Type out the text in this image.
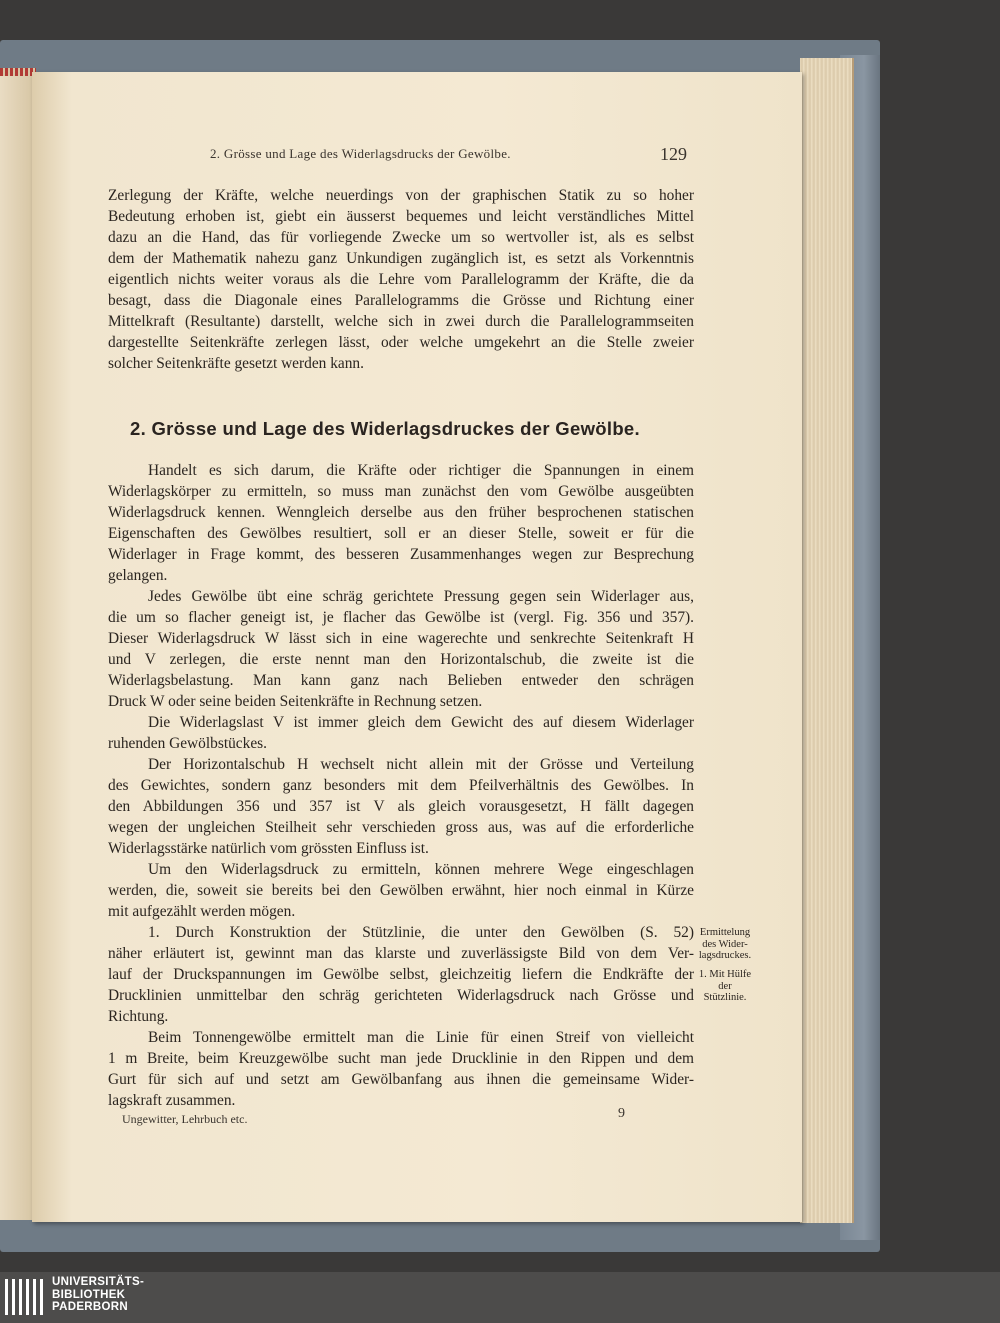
2. Grösse und Lage des Widerlagsdrucks der Gewölbe.	129
Zerlegung der Kräfte, welche neuerdings von der graphischen Statik zu so hoher
Bedeutung erhoben ist, giebt ein äusserst bequemes und leicht verständliches Mittel
dazu an die Hand, das für vorliegende Zwecke um so wertvoller ist, als es selbst
dem der Mathematik nahezu ganz Unkundigen zugänglich ist, es setzt als Vorkenntnis
eigentlich nichts weiter voraus als die Lehre vom Parallelogramm der Kräfte, die da
besagt, dass die Diagonale eines Parallelogramms die Grösse und Richtung einer
Mittelkraft (Resultante) darstellt, welche sich in zwei durch die Parallelogrammseiten
dargestellte Seitenkräfte zerlegen lässt, oder welche umgekehrt an die Stelle zweier
solcher Seitenkräfte gesetzt werden kann.
2. Grösse und Lage des Widerlagsdruckes der Gewölbe.
Handelt es sich darum, die Kräfte oder richtiger die Spannungen in einem
Widerlagskörper zu ermitteln, so muss man zunächst den vom Gewölbe ausgeübten
Widerlagsdruck kennen. Wenngleich derselbe aus den früher besprochenen statischen
Eigenschaften des Gewölbes resultiert, soll er an dieser Stelle, soweit er für die
Widerlager in Frage kommt, des besseren Zusammenhanges wegen zur Besprechung
gelangen.
Jedes Gewölbe übt eine schräg gerichtete Pressung gegen sein Widerlager aus,
die um so flacher geneigt ist, je flacher das Gewölbe ist (vergl. Fig. 356 und 357).
Dieser Widerlagsdruck W lässt sich in eine wagerechte und senkrechte Seitenkraft H
und V zerlegen, die erste nennt man den Horizontalschub, die zweite ist die
Widerlagsbelastung. Man kann ganz nach Belieben entweder den schrägen
Druck W oder seine beiden Seitenkräfte in Rechnung setzen.
Die Widerlagslast V ist immer gleich dem Gewicht des auf diesem Widerlager
ruhenden Gewölbstückes.
Der Horizontalschub H wechselt nicht allein mit der Grösse und Verteilung
des Gewichtes, sondern ganz besonders mit dem Pfeilverhältnis des Gewölbes. In
den Abbildungen 356 und 357 ist V als gleich vorausgesetzt, H fällt dagegen
wegen der ungleichen Steilheit sehr verschieden gross aus, was auf die erforderliche
Widerlagsstärke natürlich vom grössten Einfluss ist.
Um den Widerlagsdruck zu ermitteln, können mehrere Wege eingeschlagen
werden, die, soweit sie bereits bei den Gewölben erwähnt, hier noch einmal in Kürze
mit aufgezählt werden mögen.
1. Durch Konstruktion der Stützlinie, die unter den Gewölben (S. 52)
näher erläutert ist, gewinnt man das klarste und zuverlässigste Bild von dem Ver-
lauf der Druckspannungen im Gewölbe selbst, gleichzeitig liefern die Endkräfte der
Drucklinien unmittelbar den schräg gerichteten Widerlagsdruck nach Grösse und
Richtung.
Beim Tonnengewölbe ermittelt man die Linie für einen Streif von vielleicht
1 m Breite, beim Kreuzgewölbe sucht man jede Drucklinie in den Rippen und dem
Gurt für sich auf und setzt am Gewölbanfang aus ihnen die gemeinsame Wider-
lagskraft zusammen.
Ermittelung
des Wider-
lagsdruckes.
1. Mit Hülfe
der
Stützlinie.
Ungewitter, Lehrbuch etc.	9
UNIVERSITÄTS-
BIBLIOTHEK
PADERBORN
